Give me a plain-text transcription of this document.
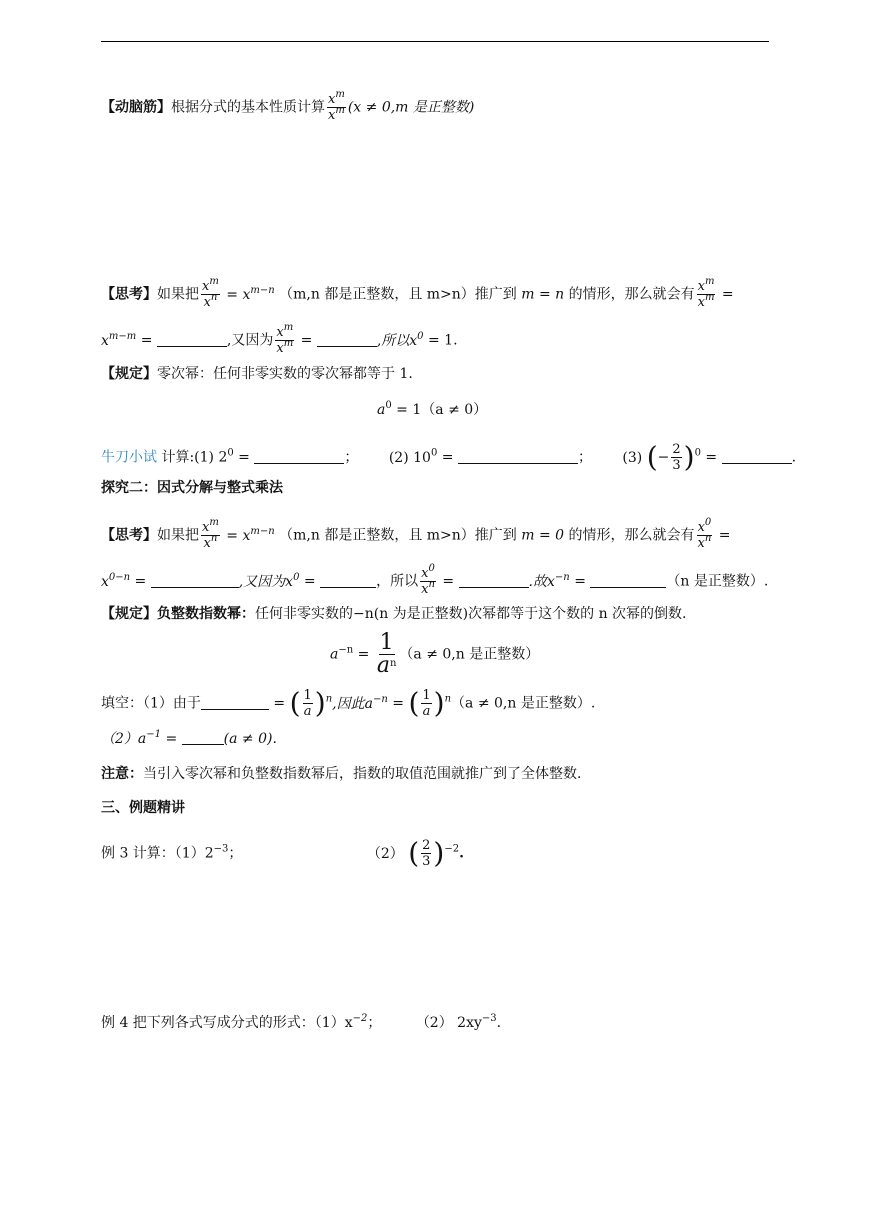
【动脑筋】根据分式的基本性质计算 $\frac{x^m}{x^m} (x \ne 0,m$ 是正整数)
【思考】如果把 $\frac{x^m}{x^n} = x^{m-n}$ （m,n 都是正整数，且 m>n）推广到 m = n 的情形，那么就会有 $\frac{x^m}{x^m}$ =
$x^{m-m}$ =	,又因为 $\frac{x^m}{x^m}$ =	,所以$x^0 = 1$.
【规定】零次幂：任何非零实数的零次幂都等于 1.
$a^0 = 1(a \ne 0)$
牛刀小试 计算:(1) $2^0$ =	； (2) $10^0$ =	； (3) (− $\frac{2}{3} )^0$ =	.
探究二：因式分解与整式乘法
【思考】如果把 $\frac{x^m}{x^n} = x^{m-n}$ （m,n 都是正整数，且 m>n）推广到 m = 0 的情形，那么就会有 $\frac{x^0}{x^n}$ =
$x^{0-n}$ =	,又因为$x^0$ =	，所以 $\frac{x^0}{x^n}$ =	.故$x^{-n}$ =	（n 是正整数）.
【规定】负整数指数幂：任何非零实数的−n(n 为是正整数)次幂都等于这个数的 n 次幂的倒数.
$a^{-n} = \frac{1}{a^n} (a \ne 0,n$ 是正整数）
填空：（1）由于	= ( $\frac{1}{a} )^n$,因此$a^{-n}$ = ( $\frac{1}{a} )^n(a \ne 0,n$ 是正整数）.
$(2)a^{-1}$ =	(a ≠ 0).
注意：当引入零次幂和负整数指数幂后，指数的取值范围就推广到了全体整数.
三、例题精讲
例 3 计算：$(1)2^{-3}$；	（2） ( $\frac{2}{3} )^{-2}$.
例 4 把下列各式写成分式的形式：$(1)x^{-2}$； （2） $2xy^{-3}$.
